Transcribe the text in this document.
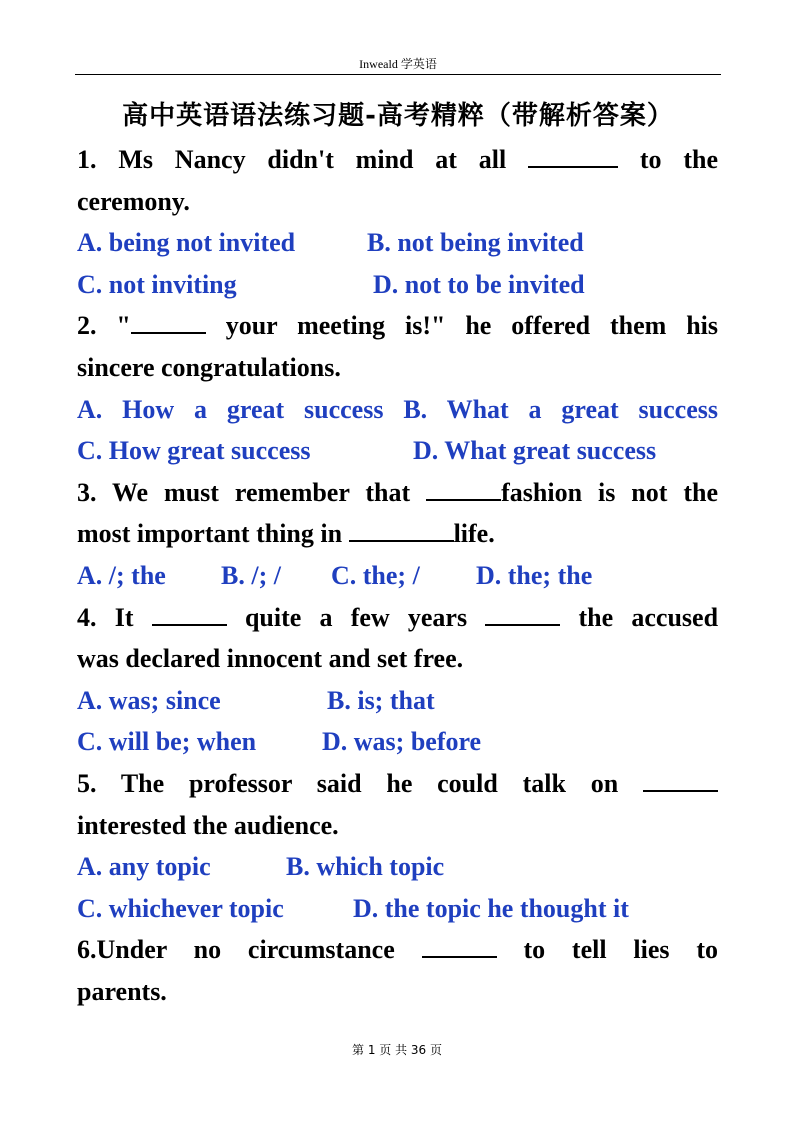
Inweald 学英语
高中英语语法练习题-高考精粹（带解析答案）
1. Ms Nancy didn't mind at all	to the
ceremony.
A. being not invited	B. not being invited
C. not inviting	D. not to be invited
2. "	your meeting is!" he offered them his
sincere congratulations.
A. How a great success B. What a great success
C. How great success	D. What great success
3. We must remember that	fashion is not the
most important thing in	life.
A. /; the B. /; / C. the; / D. the; the
4. It	quite a few years	the accused
was declared innocent and set free.
A. was; since	B. is; that
C. will be; when	D. was; before
5. The professor said he could talk on
interested the audience.
A. any topic	B. which topic
C. whichever topic	D. the topic he thought it
6.Under no circumstance	to tell lies to
parents.
第 1 页 共 36 页
